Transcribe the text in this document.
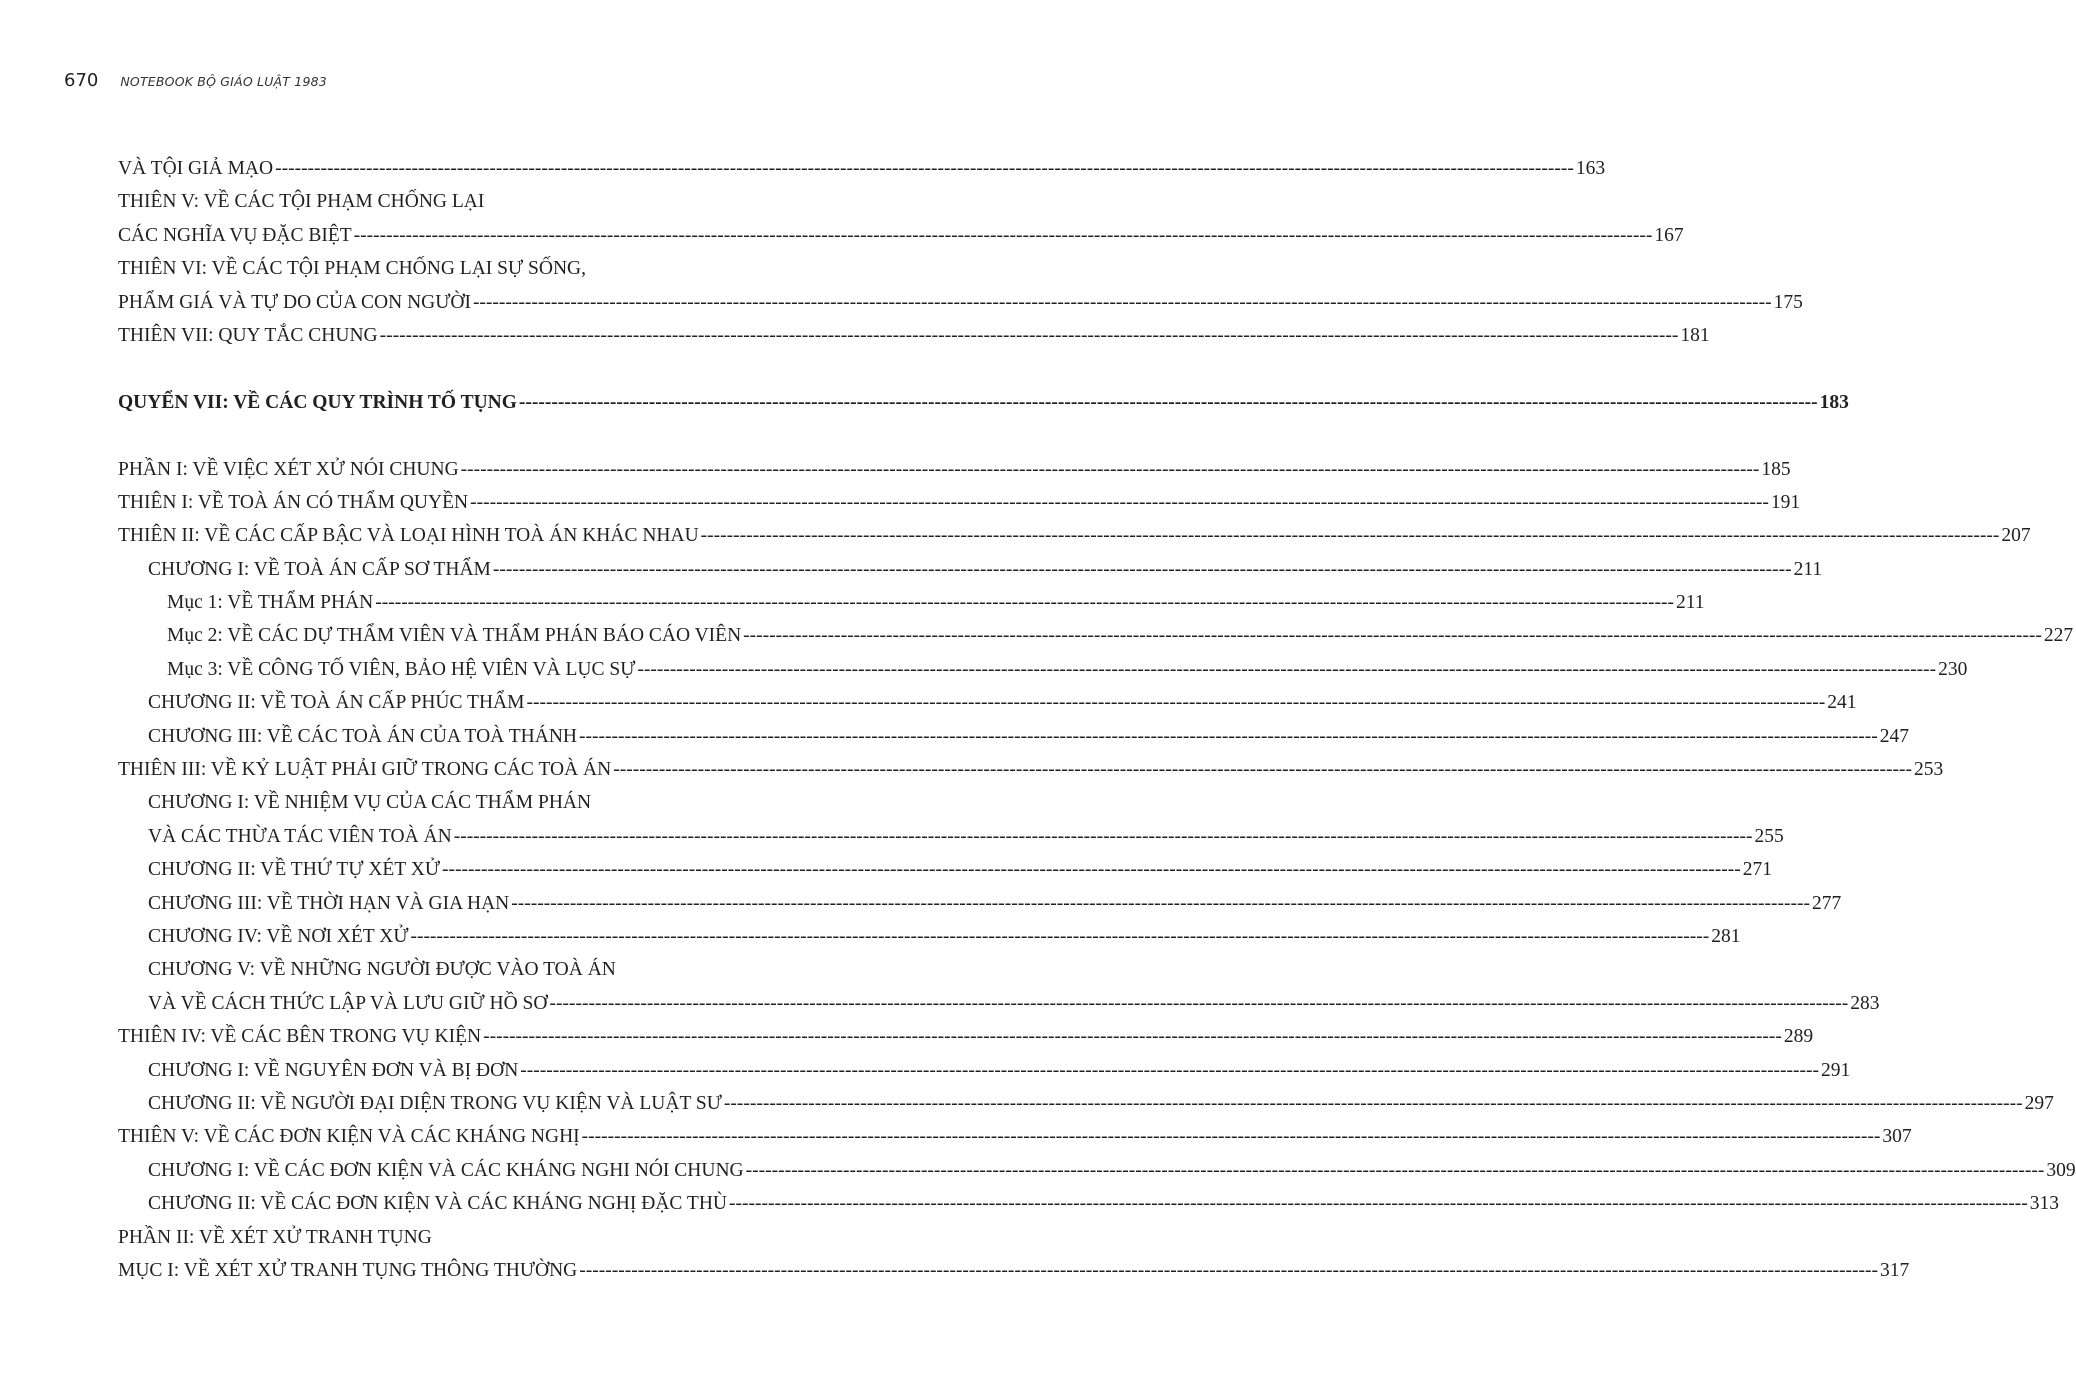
670 NOTEBOOK BỘ GIÁO LUẬT 1983
VÀ TỘI GIẢ MẠO -------------------------------------------------------------------------------------------------------------------------------------------------------------------------------------------------------- 163
THIÊN V: VỀ CÁC TỘI PHẠM CHỐNG LẠI
CÁC NGHĨA VỤ ĐẶC BIỆT -------------------------------------------------------------------------------------------------------------------------------------------------------------------------------------------------------- 167
THIÊN VI: VỀ CÁC TỘI PHẠM CHỐNG LẠI SỰ SỐNG,
PHẨM GIÁ VÀ TỰ DO CỦA CON NGƯỜI -------------------------------------------------------------------------------------------------------------------------------------------------------------------------------------------------------- 175
THIÊN VII: QUY TẮC CHUNG -------------------------------------------------------------------------------------------------------------------------------------------------------------------------------------------------------- 181
QUYỂN VII: VỀ CÁC QUY TRÌNH TỐ TỤNG -------------------------------------------------------------------------------------------------------------------------------------------------------------------------------------------------------- 183
PHẦN I: VỀ VIỆC XÉT XỬ NÓI CHUNG -------------------------------------------------------------------------------------------------------------------------------------------------------------------------------------------------------- 185
THIÊN I: VỀ TOÀ ÁN CÓ THẨM QUYỀN -------------------------------------------------------------------------------------------------------------------------------------------------------------------------------------------------------- 191
THIÊN II: VỀ CÁC CẤP BẬC VÀ LOẠI HÌNH TOÀ ÁN KHÁC NHAU -------------------------------------------------------------------------------------------------------------------------------------------------------------------------------------------------------- 207
CHƯƠNG I: VỀ TOÀ ÁN CẤP SƠ THẨM -------------------------------------------------------------------------------------------------------------------------------------------------------------------------------------------------------- 211
Mục 1: VỀ THẨM PHÁN -------------------------------------------------------------------------------------------------------------------------------------------------------------------------------------------------------- 211
Mục 2: VỀ CÁC DỰ THẨM VIÊN VÀ THẨM PHÁN BÁO CÁO VIÊN -------------------------------------------------------------------------------------------------------------------------------------------------------------------------------------------------------- 227
Mục 3: VỀ CÔNG TỐ VIÊN, BẢO HỆ VIÊN VÀ LỤC SỰ -------------------------------------------------------------------------------------------------------------------------------------------------------------------------------------------------------- 230
CHƯƠNG II: VỀ TOÀ ÁN CẤP PHÚC THẨM -------------------------------------------------------------------------------------------------------------------------------------------------------------------------------------------------------- 241
CHƯƠNG III: VỀ CÁC TOÀ ÁN CỦA TOÀ THÁNH -------------------------------------------------------------------------------------------------------------------------------------------------------------------------------------------------------- 247
THIÊN III: VỀ KỶ LUẬT PHẢI GIỮ TRONG CÁC TOÀ ÁN -------------------------------------------------------------------------------------------------------------------------------------------------------------------------------------------------------- 253
CHƯƠNG I: VỀ NHIỆM VỤ CỦA CÁC THẨM PHÁN
VÀ CÁC THỪA TÁC VIÊN TOÀ ÁN -------------------------------------------------------------------------------------------------------------------------------------------------------------------------------------------------------- 255
CHƯƠNG II: VỀ THỨ TỰ XÉT XỬ -------------------------------------------------------------------------------------------------------------------------------------------------------------------------------------------------------- 271
CHƯƠNG III: VỀ THỜI HẠN VÀ GIA HẠN -------------------------------------------------------------------------------------------------------------------------------------------------------------------------------------------------------- 277
CHƯƠNG IV: VỀ NƠI XÉT XỬ -------------------------------------------------------------------------------------------------------------------------------------------------------------------------------------------------------- 281
CHƯƠNG V: VỀ NHỮNG NGƯỜI ĐƯỢC VÀO TOÀ ÁN
VÀ VỀ CÁCH THỨC LẬP VÀ LƯU GIỮ HỒ SƠ -------------------------------------------------------------------------------------------------------------------------------------------------------------------------------------------------------- 283
THIÊN IV: VỀ CÁC BÊN TRONG VỤ KIỆN -------------------------------------------------------------------------------------------------------------------------------------------------------------------------------------------------------- 289
CHƯƠNG I: VỀ NGUYÊN ĐƠN VÀ BỊ ĐƠN -------------------------------------------------------------------------------------------------------------------------------------------------------------------------------------------------------- 291
CHƯƠNG II: VỀ NGƯỜI ĐẠI DIỆN TRONG VỤ KIỆN VÀ LUẬT SƯ -------------------------------------------------------------------------------------------------------------------------------------------------------------------------------------------------------- 297
THIÊN V: VỀ CÁC ĐƠN KIỆN VÀ CÁC KHÁNG NGHỊ -------------------------------------------------------------------------------------------------------------------------------------------------------------------------------------------------------- 307
CHƯƠNG I: VỀ CÁC ĐƠN KIỆN VÀ CÁC KHÁNG NGHI NÓI CHUNG -------------------------------------------------------------------------------------------------------------------------------------------------------------------------------------------------------- 309
CHƯƠNG II: VỀ CÁC ĐƠN KIỆN VÀ CÁC KHÁNG NGHỊ ĐẶC THÙ -------------------------------------------------------------------------------------------------------------------------------------------------------------------------------------------------------- 313
PHẦN II: VỀ XÉT XỬ TRANH TỤNG
MỤC I: VỀ XÉT XỬ TRANH TỤNG THÔNG THƯỜNG -------------------------------------------------------------------------------------------------------------------------------------------------------------------------------------------------------- 317
